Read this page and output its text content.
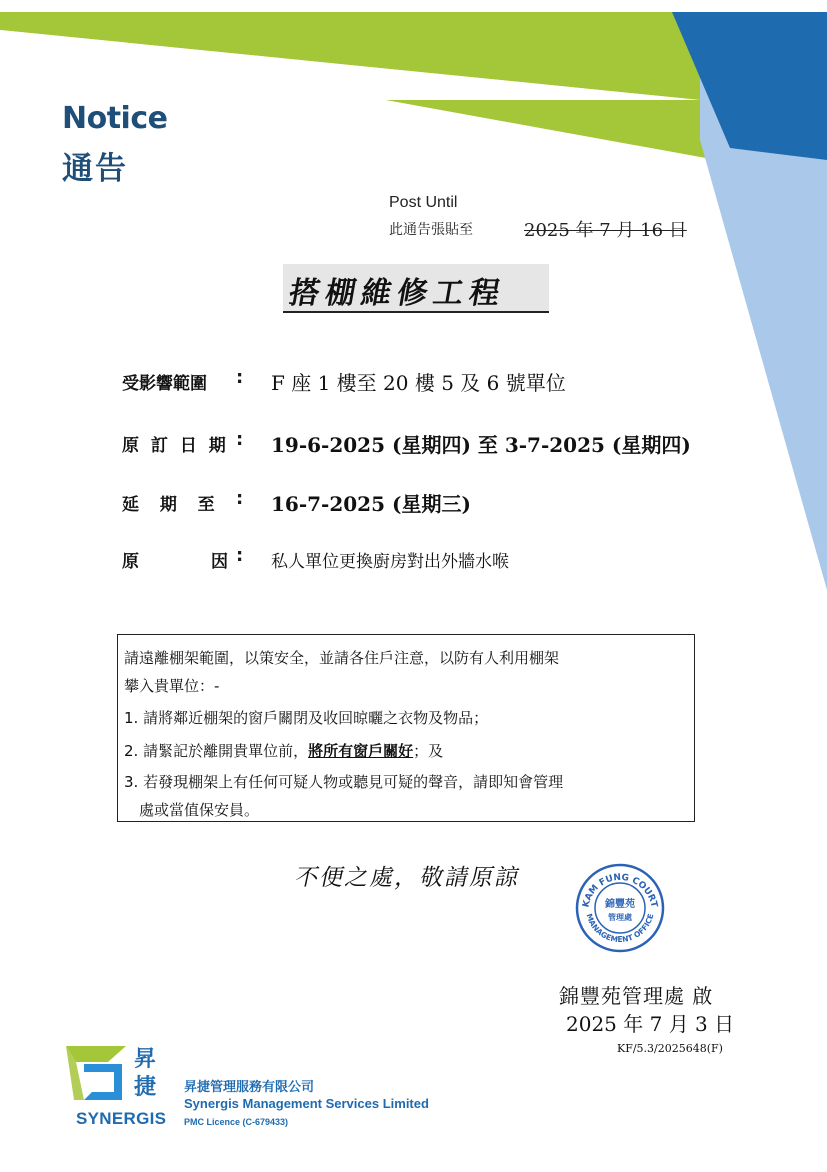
Notice
通告
Post Until
此通告張貼至	2025 年 7 月 16 日
搭棚維修工程
受影響範圍 : F 座 1 樓至 20 樓 5 及 6 號單位
原 訂 日 期 : 19-6-2025 (星期四) 至 3-7-2025 (星期四)
延  期  至 : 16-7-2025 (星期三)
原	因 : 私人單位更換廚房對出外牆水喉
請遠離棚架範圍，以策安全，並請各住戶注意，以防有人利用棚架
攀入貴單位：-
1. 請將鄰近棚架的窗戶關閉及收回晾曬之衣物及物品；
2. 請緊記於離開貴單位前，將所有窗戶關好；及
3. 若發現棚架上有任何可疑人物或聽見可疑的聲音，請即知會管理
處或當值保安員。
不便之處，敬請原諒
KAM FUNG COURT
MANAGEMENT OFFICE
錦豐苑
管理處
錦豐苑管理處 啟
2025 年 7 月 3 日
KF/5.3/2025648(F)
昇捷
SYNERGIS
昇捷管理服務有限公司
Synergis Management Services Limited
PMC Licence (C-679433)
